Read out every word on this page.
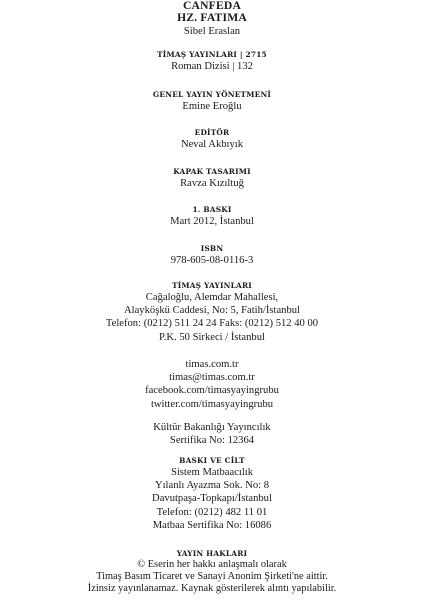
CANFEDA
HZ. FATIMA
Sibel Eraslan
TİMAŞ YAYINLARI | 2715
Roman Dizisi | 132
GENEL YAYIN YÖNETMENİ
Emine Eroğlu
EDİTÖR
Neval Akbıyık
KAPAK TASARIMI
Ravza Kızıltuğ
1. BASKI
Mart 2012, İstanbul
ISBN
978-605-08-0116-3
TİMAŞ YAYINLARI
Cağaloğlu, Alemdar Mahallesi,
Alayköşkü Caddesi, No: 5, Fatih/İstanbul
Telefon: (0212) 511 24 24 Faks: (0212) 512 40 00
P.K. 50 Sirkeci / İstanbul
timas.com.tr
timas@timas.com.tr
facebook.com/timasyayingrubu
twitter.com/timasyayingrubu
Kültür Bakanlığı Yayıncılık
Sertifika No: 12364
BASKI VE CİLT
Sistem Matbaacılık
Yılanlı Ayazma Sok. No: 8
Davutpaşa-Topkapı/İstanbul
Telefon: (0212) 482 11 01
Matbaa Sertifika No: 16086
YAYIN HAKLARI
© Eserin her hakkı anlaşmalı olarak
Timaş Basım Ticaret ve Sanayi Anonim Şirketi'ne aittir.
İzinsiz yayınlanamaz. Kaynak gösterilerek alıntı yapılabilir.
